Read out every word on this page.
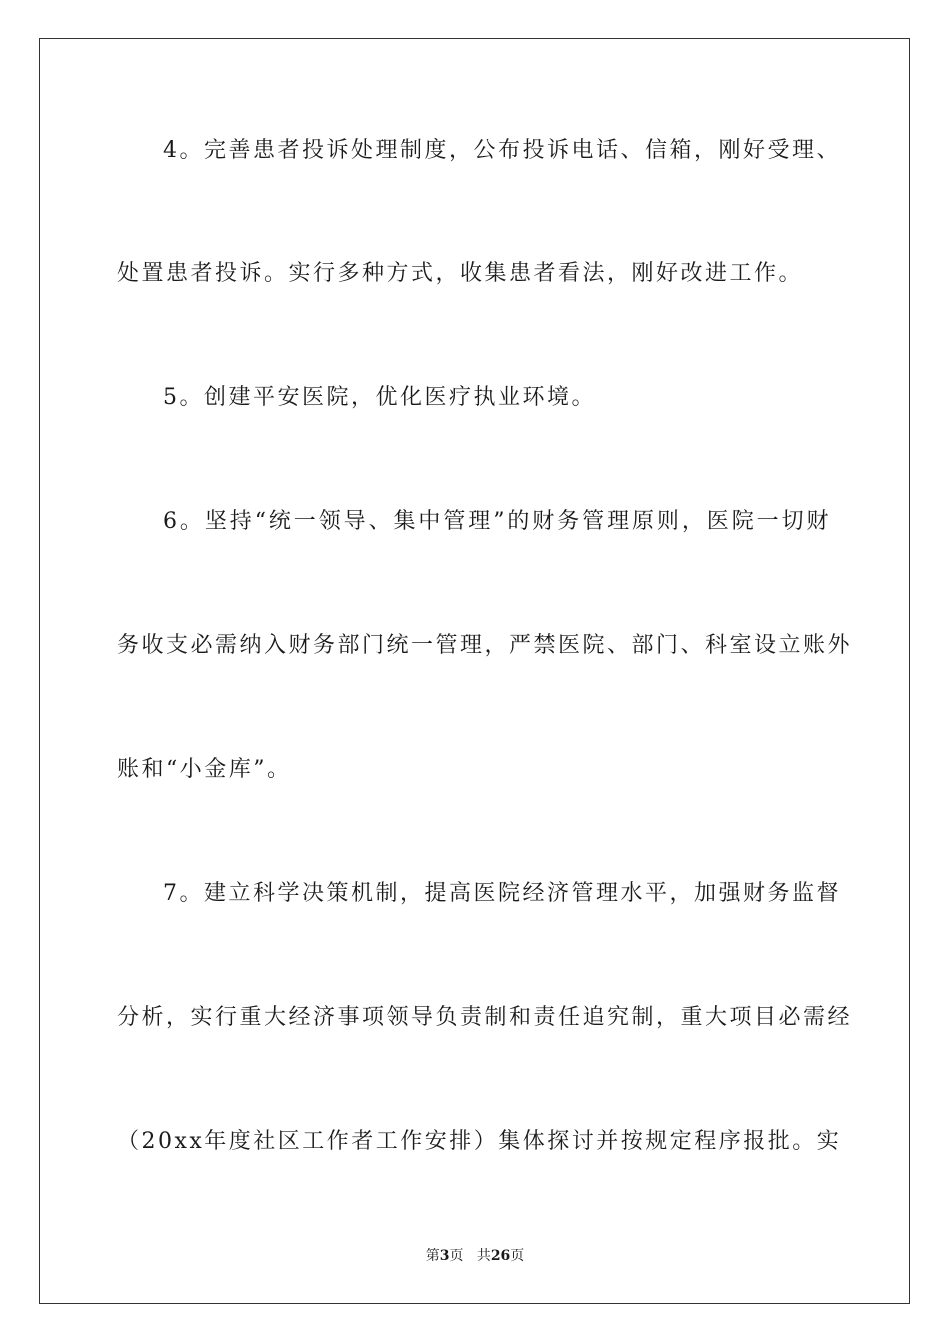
4。完善患者投诉处理制度，公布投诉电话、信箱，刚好受理、
处置患者投诉。实行多种方式，收集患者看法，刚好改进工作。
5。创建平安医院，优化医疗执业环境。
6。坚持“统一领导、集中管理”的财务管理原则，医院一切财
务收支必需纳入财务部门统一管理，严禁医院、部门、科室设立账外
账和“小金库”。
7。建立科学决策机制，提高医院经济管理水平，加强财务监督
分析，实行重大经济事项领导负责制和责任追究制，重大项目必需经
（20xx年度社区工作者工作安排）集体探讨并按规定程序报批。实
第3页 共26页
